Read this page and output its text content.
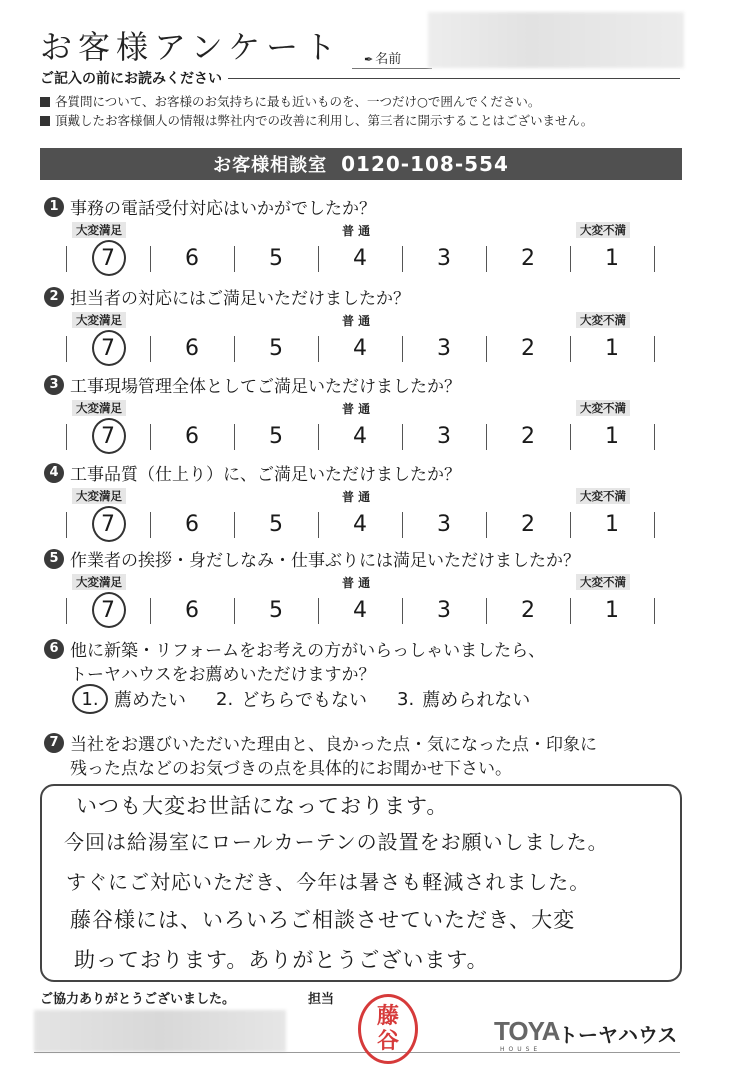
お客様アンケート ✒ 名前
ご記入の前にお読みください
各質問について、お客様のお気持ちに最も近いものを、一つだけ○で囲んでください。
頂戴したお客様個人の情報は弊社内での改善に利用し、第三者に開示することはございません。
お客様相談室 0120-108-554
1 事務の電話受付対応はいかがでしたか？
大変満足	普 通	大変不満
7	6	5	4	3	2	1
2 担当者の対応にはご満足いただけましたか？
大変満足	普 通	大変不満
7	6	5	4	3	2	1
3 工事現場管理全体としてご満足いただけましたか？
大変満足	普 通	大変不満
7	6	5	4	3	2	1
4 工事品質（仕上り）に、ご満足いただけましたか？
大変満足	普 通	大変不満
7	6	5	4	3	2	1
5 作業者の挨拶・身だしなみ・仕事ぶりには満足いただけましたか？
大変満足	普 通	大変不満
7	6	5	4	3	2	1
6 他に新築・リフォームをお考えの方がいらっしゃいましたら、
トーヤハウスをお薦めいただけますか？
1. 薦めたい 2. どちらでもない 3. 薦められない
7 当社をお選びいただいた理由と、良かった点・気になった点・印象に
残った点などのお気づきの点を具体的にお聞かせ下さい。
いつも大変お世話になっております。
今回は給湯室にロールカーテンの設置をお願いしました。
すぐにご対応いただき、今年は暑さも軽減されました。
藤谷様には、いろいろご相談させていただき、大変
助っております。ありがとうございます。
ご協力ありがとうございました。	担当
藤
谷	TOYA
HOUSE
トーヤハウス
